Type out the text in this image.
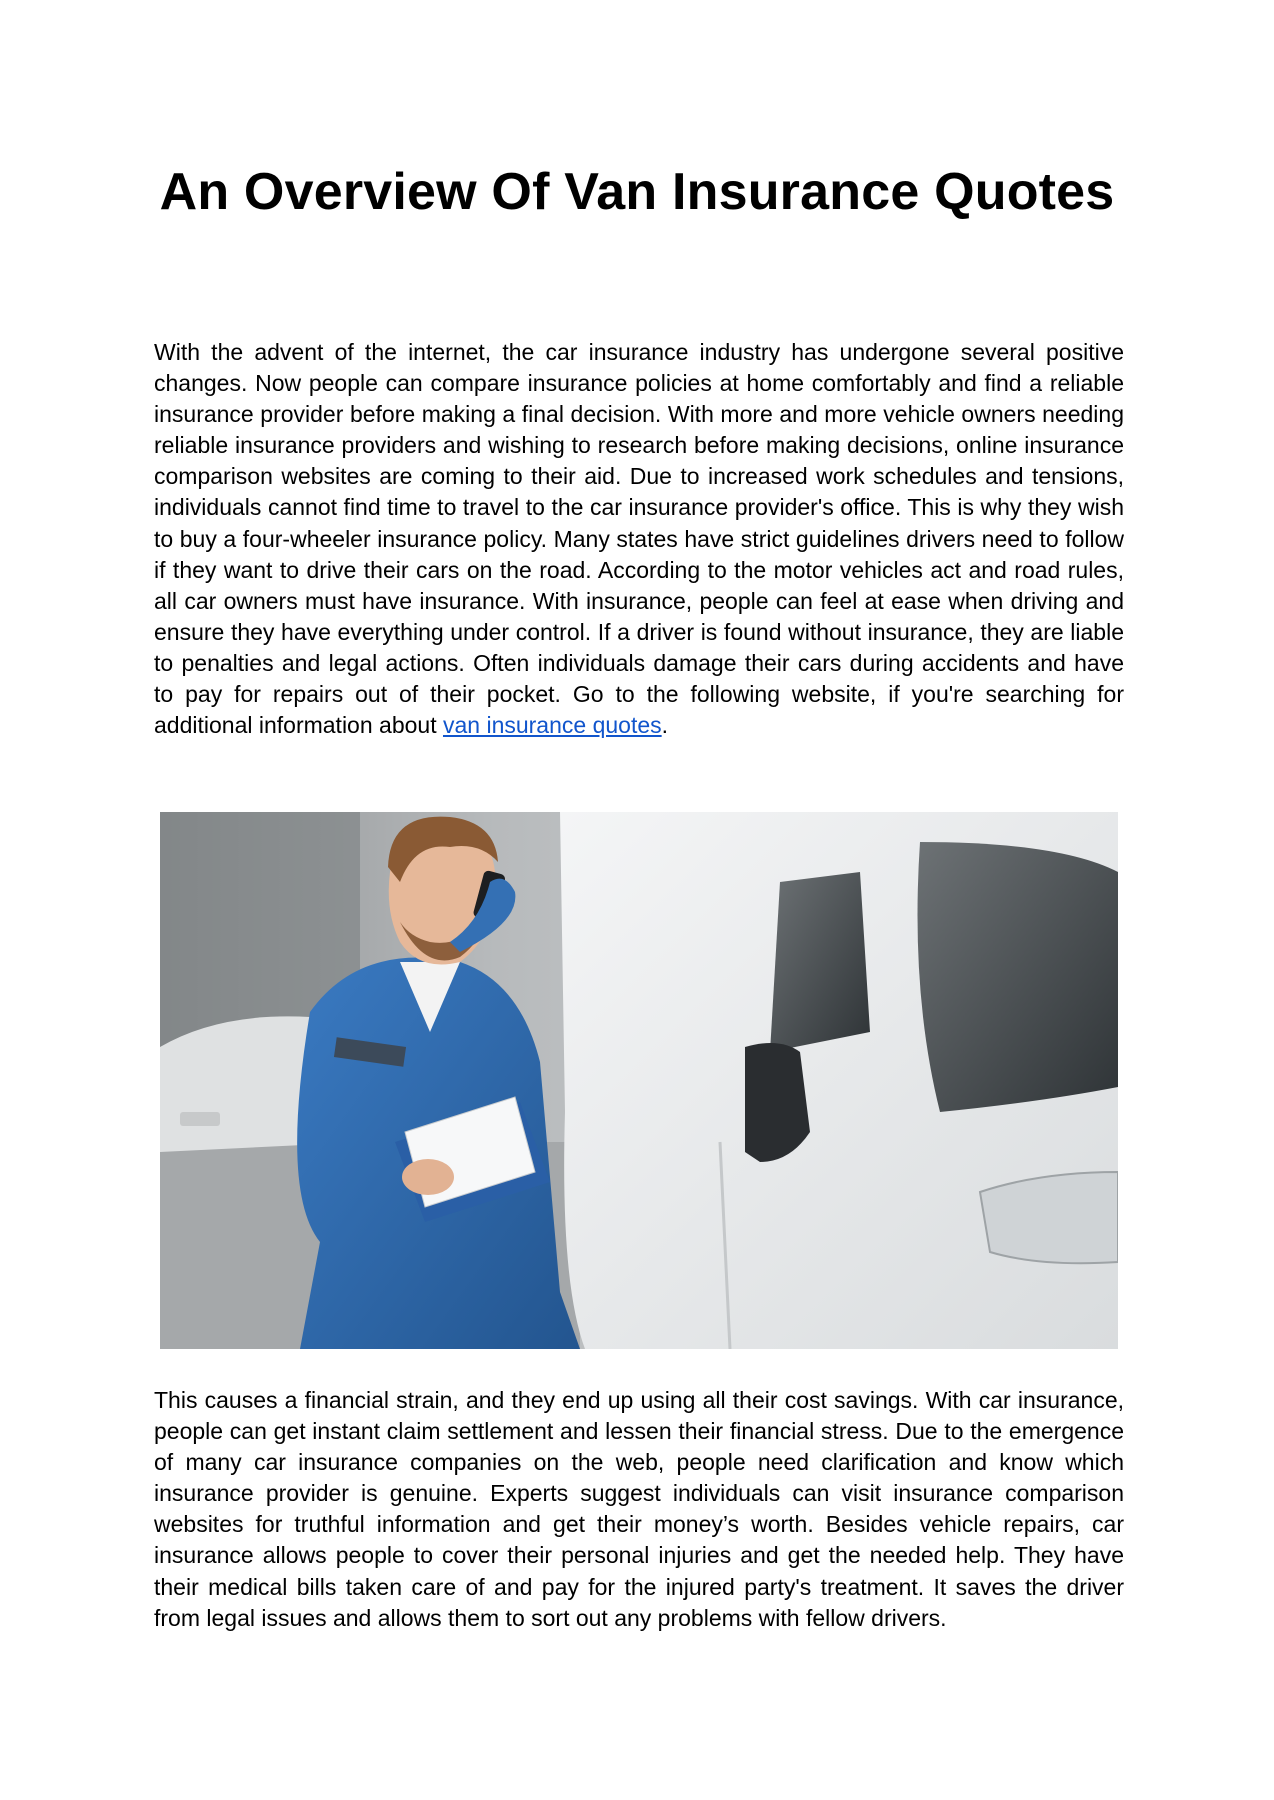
An Overview Of Van Insurance Quotes

With the advent of the internet, the car insurance industry has undergone several positive changes. Now people can compare insurance policies at home comfortably and find a reliable insurance provider before making a final decision. With more and more vehicle owners needing reliable insurance providers and wishing to research before making decisions, online insurance comparison websites are coming to their aid. Due to increased work schedules and tensions, individuals cannot find time to travel to the car insurance provider's office. This is why they wish to buy a four-wheeler insurance policy. Many states have strict guidelines drivers need to follow if they want to drive their cars on the road. According to the motor vehicles act and road rules, all car owners must have insurance. With insurance, people can feel at ease when driving and ensure they have everything under control. If a driver is found without insurance, they are liable to penalties and legal actions. Often individuals damage their cars during accidents and have to pay for repairs out of their pocket. Go to the following website, if you're searching for additional information about van insurance quotes.

This causes a financial strain, and they end up using all their cost savings. With car insurance, people can get instant claim settlement and lessen their financial stress. Due to the emergence of many car insurance companies on the web, people need clarification and know which insurance provider is genuine. Experts suggest individuals can visit insurance comparison websites for truthful information and get their money’s worth. Besides vehicle repairs, car insurance allows people to cover their personal injuries and get the needed help. They have their medical bills taken care of and pay for the injured party's treatment. It saves the driver from legal issues and allows them to sort out any problems with fellow drivers.
